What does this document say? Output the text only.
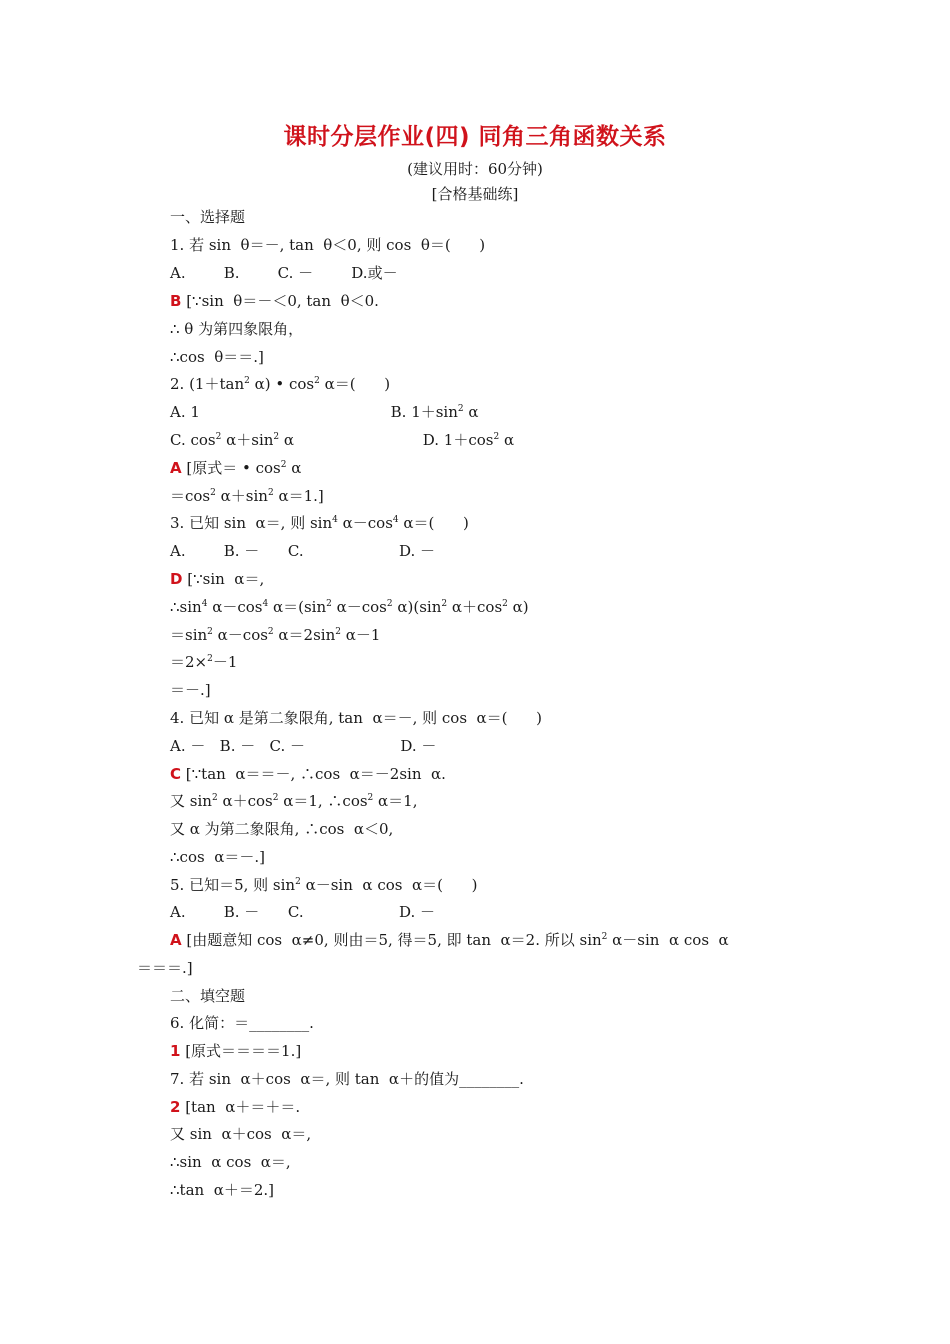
课时分层作业(四) 同角三角函数关系
(建议用时：60分钟)
[合格基础练]
一、选择题
1. 若 sin  θ＝－, tan  θ＜0, 则 cos  θ＝(      )
A.        B.        C. －        D.或－
B [∵sin  θ＝－＜0, tan  θ＜0.
∴ θ 为第四象限角，
∴cos  θ＝＝.]
2. ($1+\tan^2$ α) • $\cos^2 \alpha=$(      )
A. 1                                        B. $1+\sin^2$ α
C. $\cos^2 \alpha+\sin^2$ α                           D. $1+\cos^2$ α
A [原式＝ • $\cos^2 \alpha$
$=\cos^2$ $\alpha+\sin^2$ α＝1.]
3. 已知 sin  α＝, 则 $\sin^4 \alpha-\cos^4$ α＝(      )
A.        B. －      C.                    D. －
D [∵sin  α＝,
$\therefore\sin^4$ $\alpha-\cos^4$ $\alpha=(\sin^2$ $\alpha-\cos^2$ $\alpha)(\sin^2$ $\alpha+\cos^2$ α)
$=\sin^2$ $\alpha-\cos^2$ $\alpha=2\sin^2$ α－1
＝2×$^2$－1
＝－.]
4. 已知 α 是第二象限角, tan  α＝－, 则 cos  α＝(      )
A. －   B. －   C. －                    D. －
C [∵tan  α＝＝－, ∴cos  α＝－2sin  α.
又 $\sin^2 \alpha+\cos^2$ α＝1, $\therefore\cos^2$ α＝1,
又 α 为第二象限角, ∴cos  α＜0,
∴cos  α＝－.]
5. 已知＝5, 则 $\sin^2 \alpha-\sin$  α cos  α＝(      )
A.        B. －      C.                    D. －
A [由题意知 cos  α≠0, 则由＝5, 得＝5, 即 tan  α＝2. 所以 $\sin^2 \alpha-\sin$  α cos  α
＝＝＝.]
二、填空题
6. 化简：＝________.
1 [原式＝＝＝＝1.]
7. 若 sin  α＋cos  α＝, 则 tan  α＋的值为________.
2 [tan  α＋＝＋＝.
又 sin  α＋cos  α＝,
∴sin  α cos  α＝,
∴tan  α＋＝2.]
